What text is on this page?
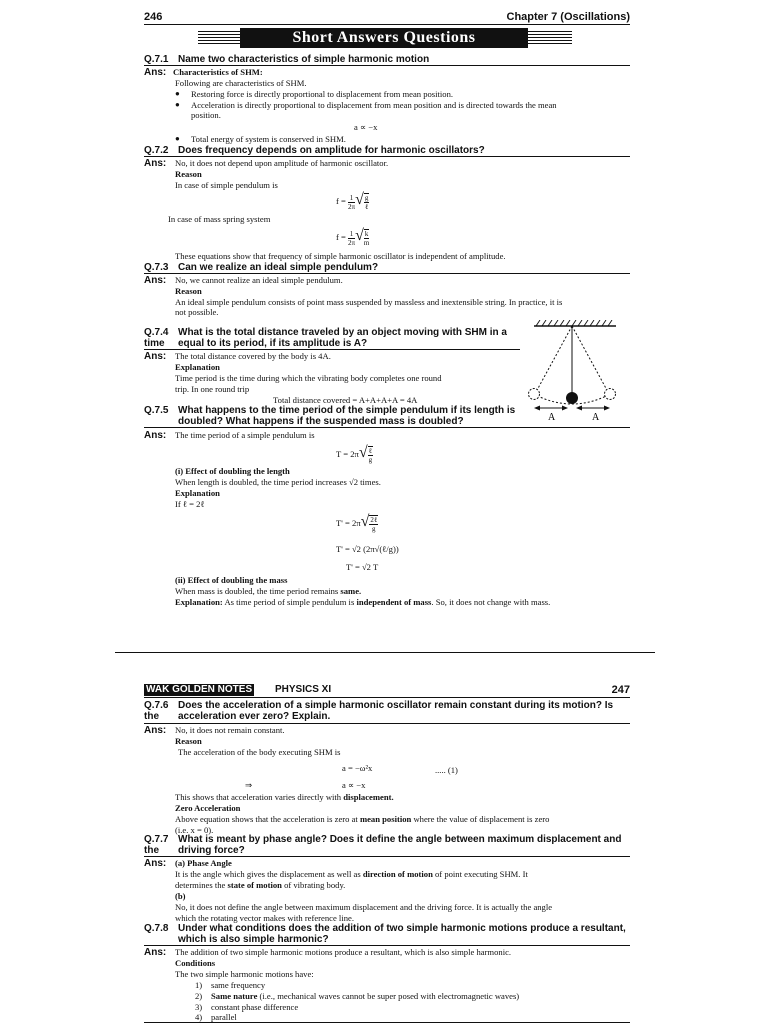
246	Chapter 7 (Oscillations)
Short Answers Questions
Q.7.1 Name two characteristics of simple harmonic motion
Ans: Characteristics of SHM:
Following are characteristics of SHM.
● Restoring force is directly proportional to displacement from mean position.
● Acceleration is directly proportional to displacement from mean position and is directed towards the mean
position.
a ∝ −x
● Total energy of system is conserved in SHM.
Q.7.2 Does frequency depends on amplitude for harmonic oscillators?
Ans: No, it does not depend upon amplitude of harmonic oscillator.
Reason
In case of simple pendulum is
$f = \frac{1}{2\pi}$ √ $\frac{g}{\text{ℓ}}$
In case of mass spring system
$f = \frac{1}{2\pi}$ √ $\frac{k}{m}$
These equations show that frequency of simple harmonic oscillator is independent of amplitude.
Q.7.3 Can we realize an ideal simple pendulum?
Ans: No, we cannot realize an ideal simple pendulum.
Reason
An ideal simple pendulum consists of point mass suspended by massless and inextensible string. In practice, it is
not possible.
Q.7.4 What is the total distance traveled by an object moving with SHM in a time	equal to its period, if its amplitude is A?
Ans: The total distance covered by the body is 4A.
Explanation
Time period is the time during which the vibrating body completes one round
trip. In one round trip
Total distance covered = A+A+A+A = 4A
A	A
Q.7.5 What happens to the time period of the simple pendulum if its length is
doubled? What happens if the suspended mass is doubled?
Ans: The time period of a simple pendulum is
$T = 2\pi√ \frac{\text{ℓ}}{g}$
(i) Effect of doubling the length
When length is doubled, the time period increases √2 times.
Explanation
If ℓ = 2ℓ
$T' = 2\pi√ \frac{\text{2ℓ}}{g}$
T' = √2 (2π√(ℓ/g))
T' = √2 T
(ii) Effect of doubling the mass
When mass is doubled, the time period remains same.
Explanation: As time period of simple pendulum is independent of mass. So, it does not change with mass.
WAK GOLDEN NOTES PHYSICS XI	247
Q.7.6 Does the acceleration of a simple harmonic oscillator remain constant during its motion? Is the	acceleration ever zero? Explain.
Ans: No, it does not remain constant.
Reason
The acceleration of the body executing SHM is
a = −ω²x	..... (1)
⇒	a ∝ −x
This shows that acceleration varies directly with displacement.
Zero Acceleration
Above equation shows that the acceleration is zero at mean position where the value of displacement is zero
(i.e. x = 0).
Q.7.7 What is meant by phase angle? Does it define the angle between maximum displacement and the	driving force?
Ans: (a) Phase Angle
It is the angle which gives the displacement as well as direction of motion of point executing SHM. It
determines the state of motion of vibrating body.
(b)
No, it does not define the angle between maximum displacement and the driving force. It is actually the angle
which the rotating vector makes with reference line.
Q.7.8 Under what conditions does the addition of two simple harmonic motions produce a resultant,
which is also simple harmonic?
Ans: The addition of two simple harmonic motions produce a resultant, which is also simple harmonic.
Conditions
The two simple harmonic motions have:
1) same frequency
2) Same nature (i.e., mechanical waves cannot be super posed with electromagnetic waves)
3) constant phase difference
4) parallel
